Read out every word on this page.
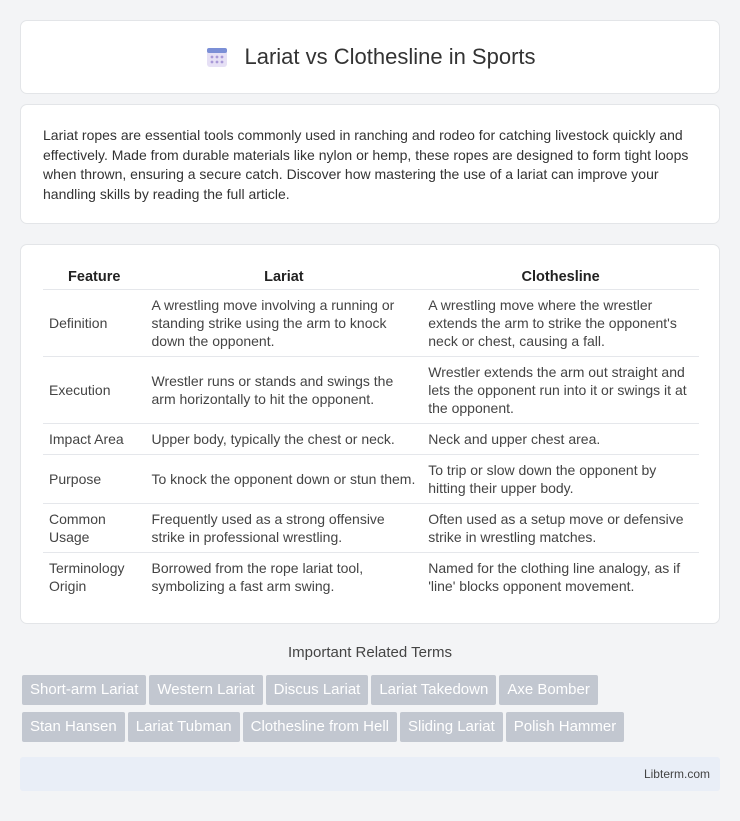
Lariat vs Clothesline in Sports

Lariat ropes are essential tools commonly used in ranching and rodeo for catching livestock quickly and effectively. Made from durable materials like nylon or hemp, these ropes are designed to form tight loops when thrown, ensuring a secure catch. Discover how mastering the use of a lariat can improve your handling skills by reading the full article.

Feature	Lariat	Clothesline
Definition	A wrestling move involving a running or standing strike using the arm to knock down the opponent.	A wrestling move where the wrestler extends the arm to strike the opponent's neck or chest, causing a fall.
Execution	Wrestler runs or stands and swings the arm horizontally to hit the opponent.	Wrestler extends the arm out straight and lets the opponent run into it or swings it at the opponent.
Impact Area	Upper body, typically the chest or neck.	Neck and upper chest area.
Purpose	To knock the opponent down or stun them.	To trip or slow down the opponent by hitting their upper body.
Common Usage	Frequently used as a strong offensive strike in professional wrestling.	Often used as a setup move or defensive strike in wrestling matches.
Terminology Origin	Borrowed from the rope lariat tool, symbolizing a fast arm swing.	Named for the clothing line analogy, as if 'line' blocks opponent movement.
Important Related Terms
Short-arm Lariat Western Lariat Discus Lariat Lariat Takedown Axe Bomber
Stan Hansen Lariat Tubman Clothesline from Hell Sliding Lariat Polish Hammer
Libterm.com
